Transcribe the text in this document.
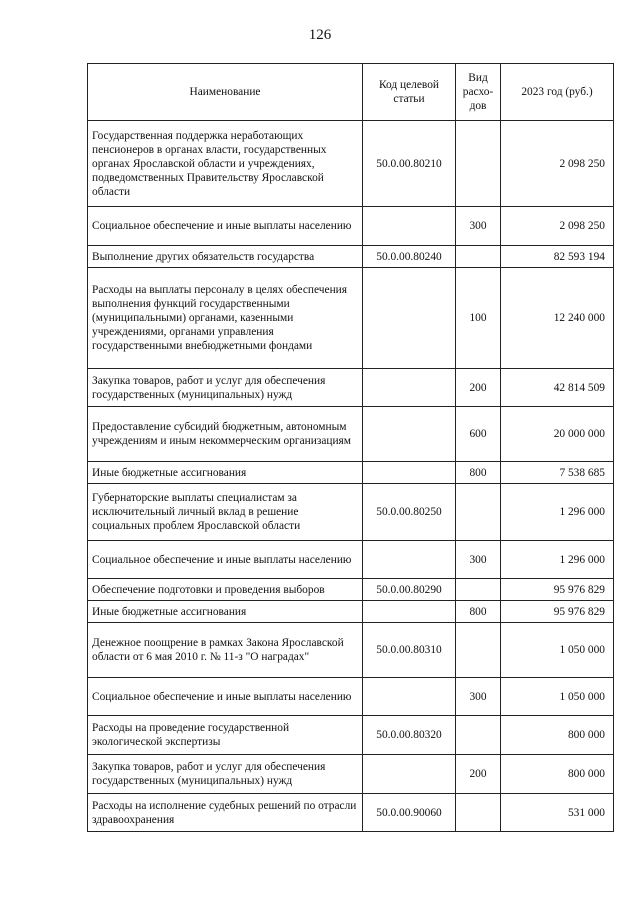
126
Наименование	Код целевой статьи	Вид расхо-дов	2023 год (руб.)
Государственная поддержка неработающих пенсионеров в органах власти, государственных органах Ярославской области и учреждениях, подведомственных Правительству Ярославской области	50.0.00.80210		2 098 250
Социальное обеспечение и иные выплаты населению		300	2 098 250
Выполнение других обязательств государства	50.0.00.80240		82 593 194
Расходы на выплаты персоналу в целях обеспечения выполнения функций государственными (муниципальными) органами, казенными учреждениями, органами управления государственными внебюджетными фондами		100	12 240 000
Закупка товаров, работ и услуг для обеспечения государственных (муниципальных) нужд		200	42 814 509
Предоставление субсидий бюджетным, автономным учреждениям и иным некоммерческим организациям		600	20 000 000
Иные бюджетные ассигнования		800	7 538 685
Губернаторские выплаты специалистам за исключительный личный вклад в решение социальных проблем Ярославской области	50.0.00.80250		1 296 000
Социальное обеспечение и иные выплаты населению		300	1 296 000
Обеспечение подготовки и проведения выборов	50.0.00.80290		95 976 829
Иные бюджетные ассигнования		800	95 976 829
Денежное поощрение в рамках Закона Ярославской области от 6 мая 2010 г. № 11-з "О наградах"	50.0.00.80310		1 050 000
Социальное обеспечение и иные выплаты населению		300	1 050 000
Расходы на проведение государственной экологической экспертизы	50.0.00.80320		800 000
Закупка товаров, работ и услуг для обеспечения государственных (муниципальных) нужд		200	800 000
Расходы на исполнение судебных решений по отрасли здравоохранения	50.0.00.90060		531 000
